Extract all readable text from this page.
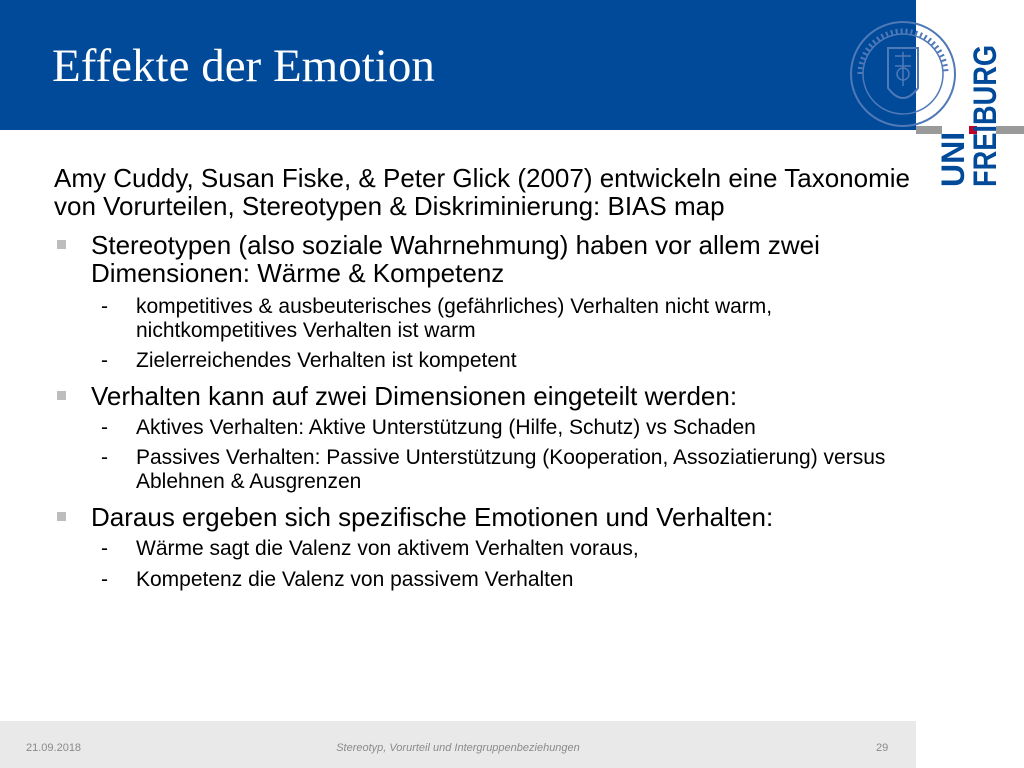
Effekte der Emotion
UNI
FREIBURG

Amy Cuddy, Susan Fiske, & Peter Glick (2007) entwickeln eine Taxonomie von Vorurteilen, Stereotypen & Diskriminierung: BIAS map

Stereotypen (also soziale Wahrnehmung) haben vor allem zwei Dimensionen: Wärme & Kompetenz
- kompetitives & ausbeuterisches (gefährliches) Verhalten nicht warm, nichtkompetitives Verhalten ist warm
- Zielerreichendes Verhalten ist kompetent
Verhalten kann auf zwei Dimensionen eingeteilt werden:
- Aktives Verhalten: Aktive Unterstützung (Hilfe, Schutz) vs Schaden
- Passives Verhalten: Passive Unterstützung (Kooperation, Assoziatierung) versus Ablehnen & Ausgrenzen
Daraus ergeben sich spezifische Emotionen und Verhalten:
- Wärme sagt die Valenz von aktivem Verhalten voraus,
- Kompetenz die Valenz von passivem Verhalten
21.09.2018	Stereotyp, Vorurteil und Intergruppenbeziehungen	29
